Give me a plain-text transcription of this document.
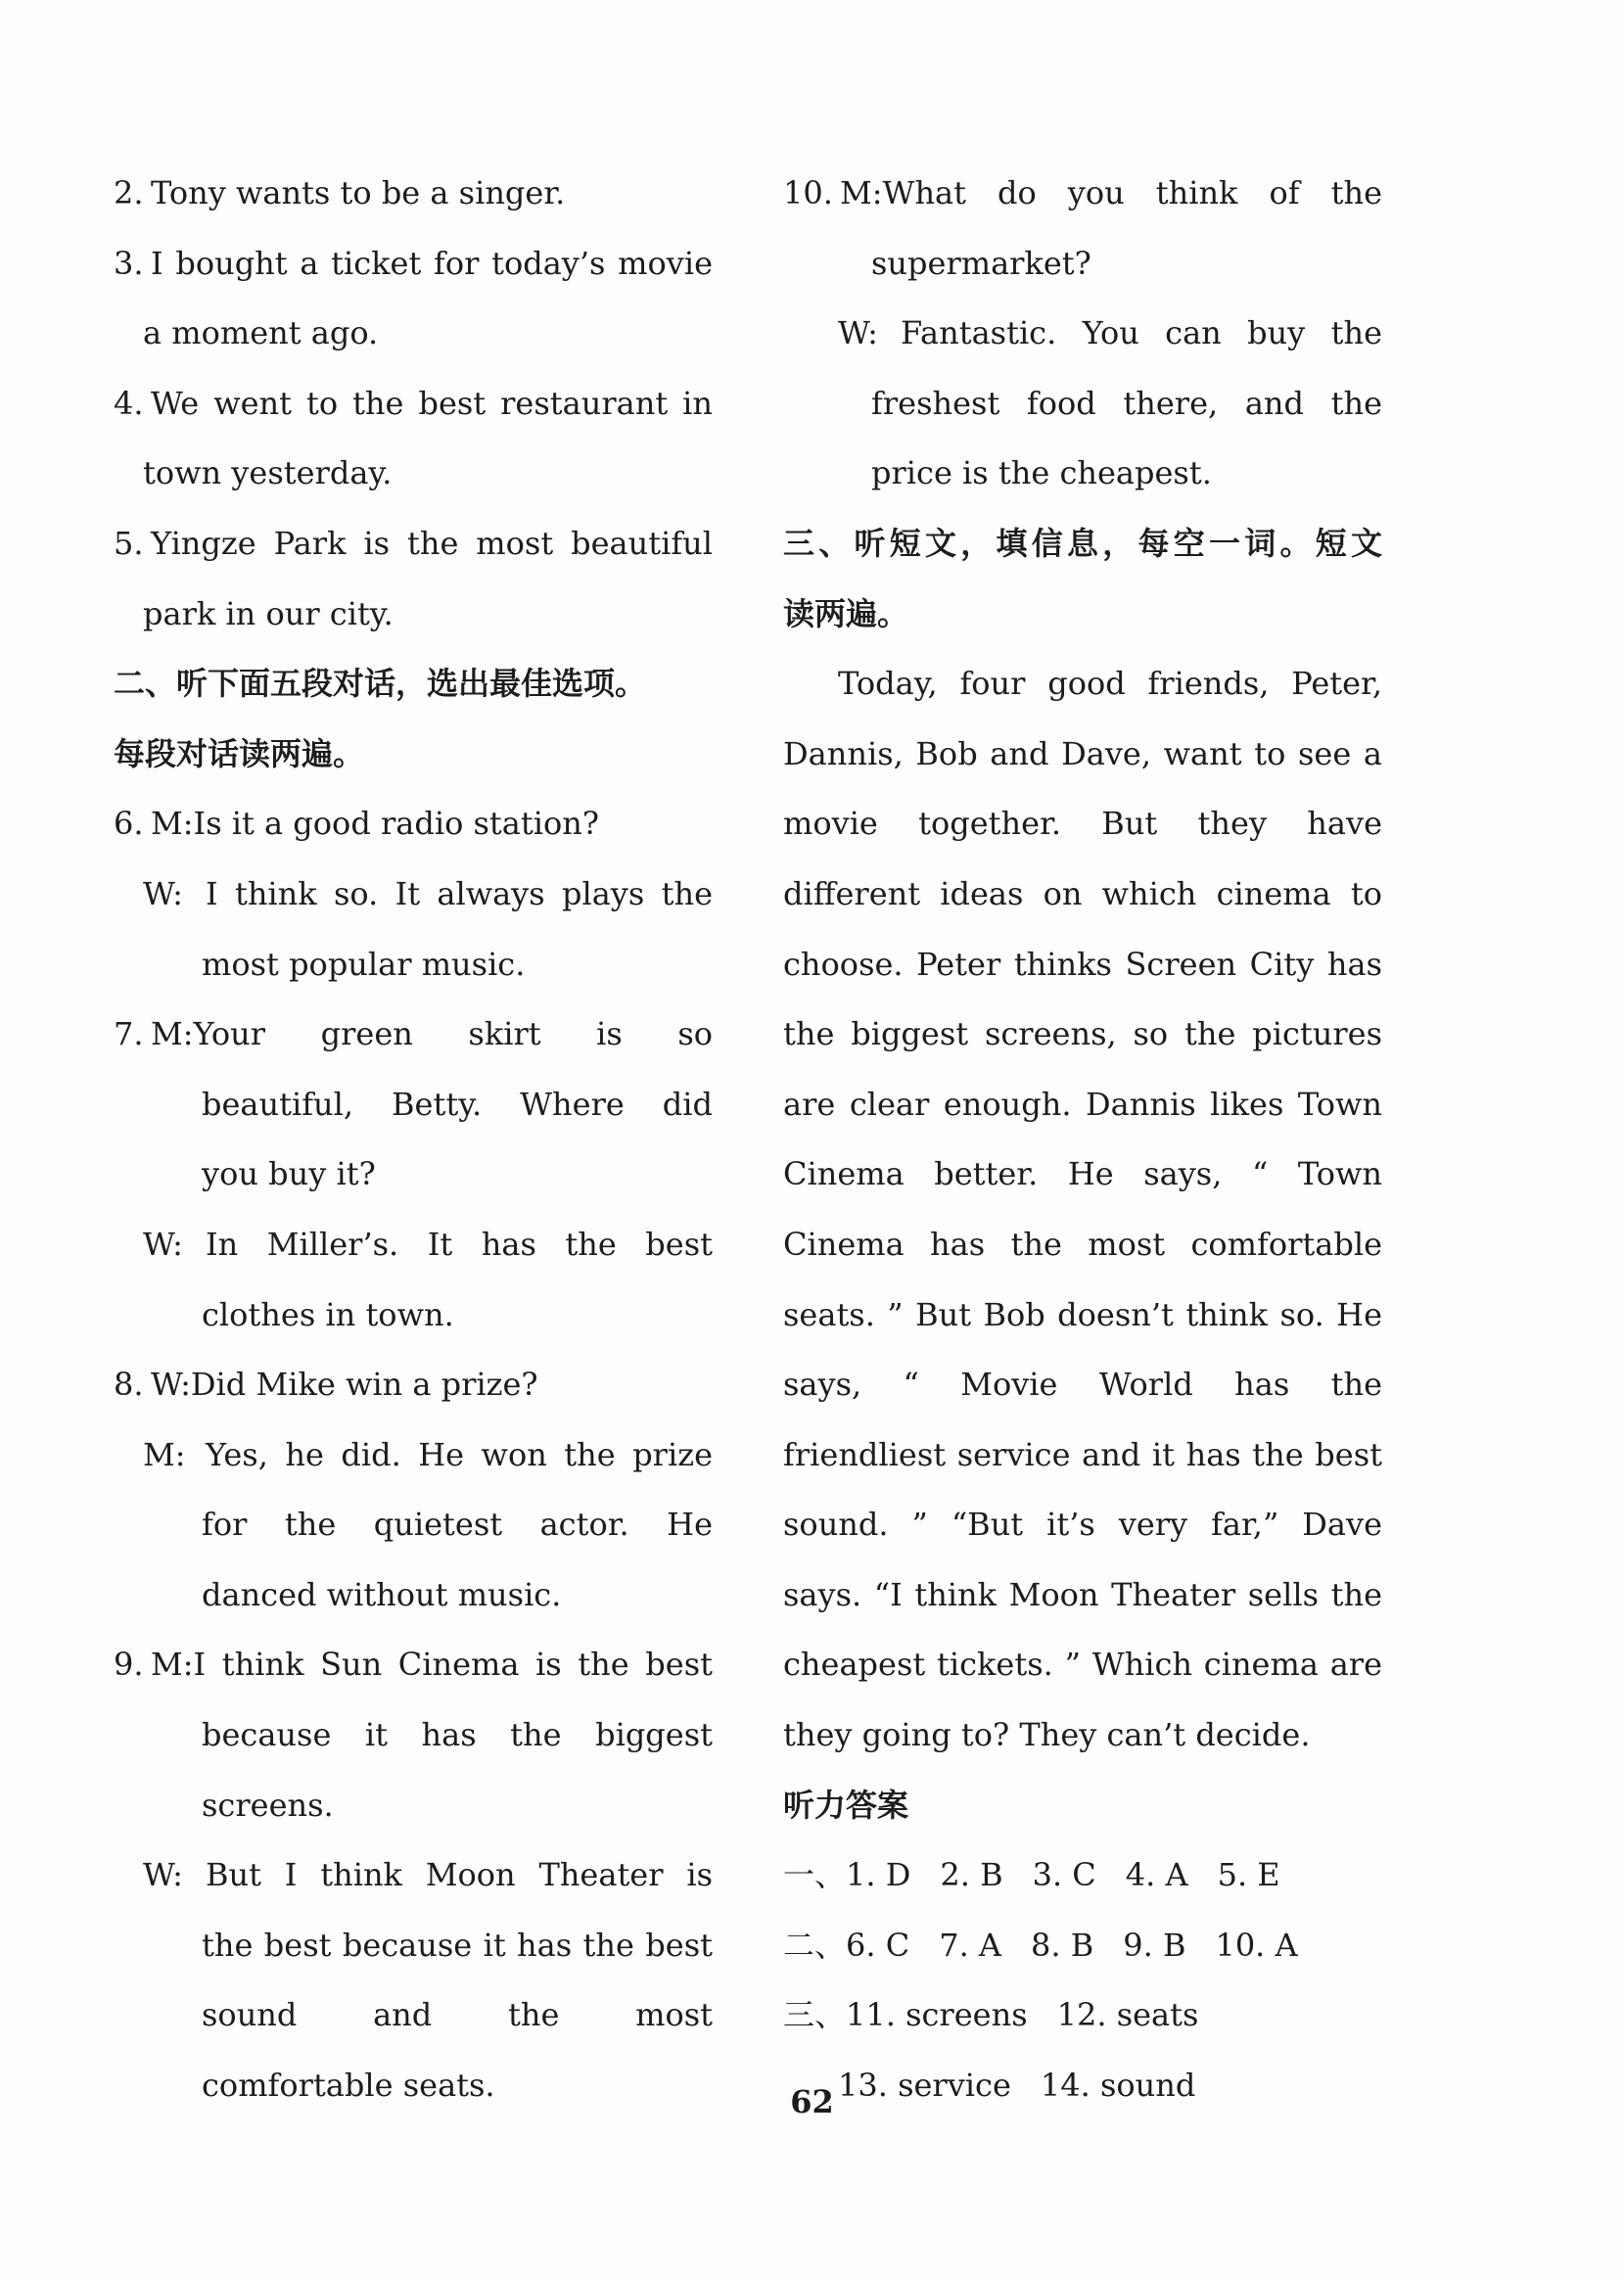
2. Tony wants to be a singer.
3. I bought a ticket for today’s movie
a moment ago.
4. We went to the best restaurant in
town yesterday.
5. Yingze Park is the most beautiful
park in our city.
二、听下面五段对话，选出最佳选项。
每段对话读两遍。
6. M:Is it a good radio station?
W: I think so. It always plays the
most popular music.
7. M:Your green skirt is so
beautiful, Betty. Where did
you buy it?
W: In Miller’s. It has the best
clothes in town.
8. W:Did Mike win a prize?
M: Yes, he did. He won the prize
for the quietest actor. He
danced without music.
9. M:I think Sun Cinema is the best
because it has the biggest
screens.
W: But I think Moon Theater is
the best because it has the best
sound and the most
comfortable seats.
10. M:What do you think of the
supermarket?
W: Fantastic. You can buy the
freshest food there, and the
price is the cheapest.
三、听短文，填信息，每空一词。短文
读两遍。
Today, four good friends, Peter,
Dannis, Bob and Dave, want to see a
movie together. But they have
different ideas on which cinema to
choose. Peter thinks Screen City has
the biggest screens, so the pictures
are clear enough. Dannis likes Town
Cinema better. He says, “ Town
Cinema has the most comfortable
seats. ” But Bob doesn’t think so. He
says, “ Movie World has the
friendliest service and it has the best
sound. ” “But it’s very far,” Dave
says. “I think Moon Theater sells the
cheapest tickets. ” Which cinema are
they going to? They can’t decide.
听力答案
一、1. D 2. B 3. C 4. A 5. E
二、6. C 7. A 8. B 9. B 10. A
三、11. screens 12. seats
13. service 14. sound
62
